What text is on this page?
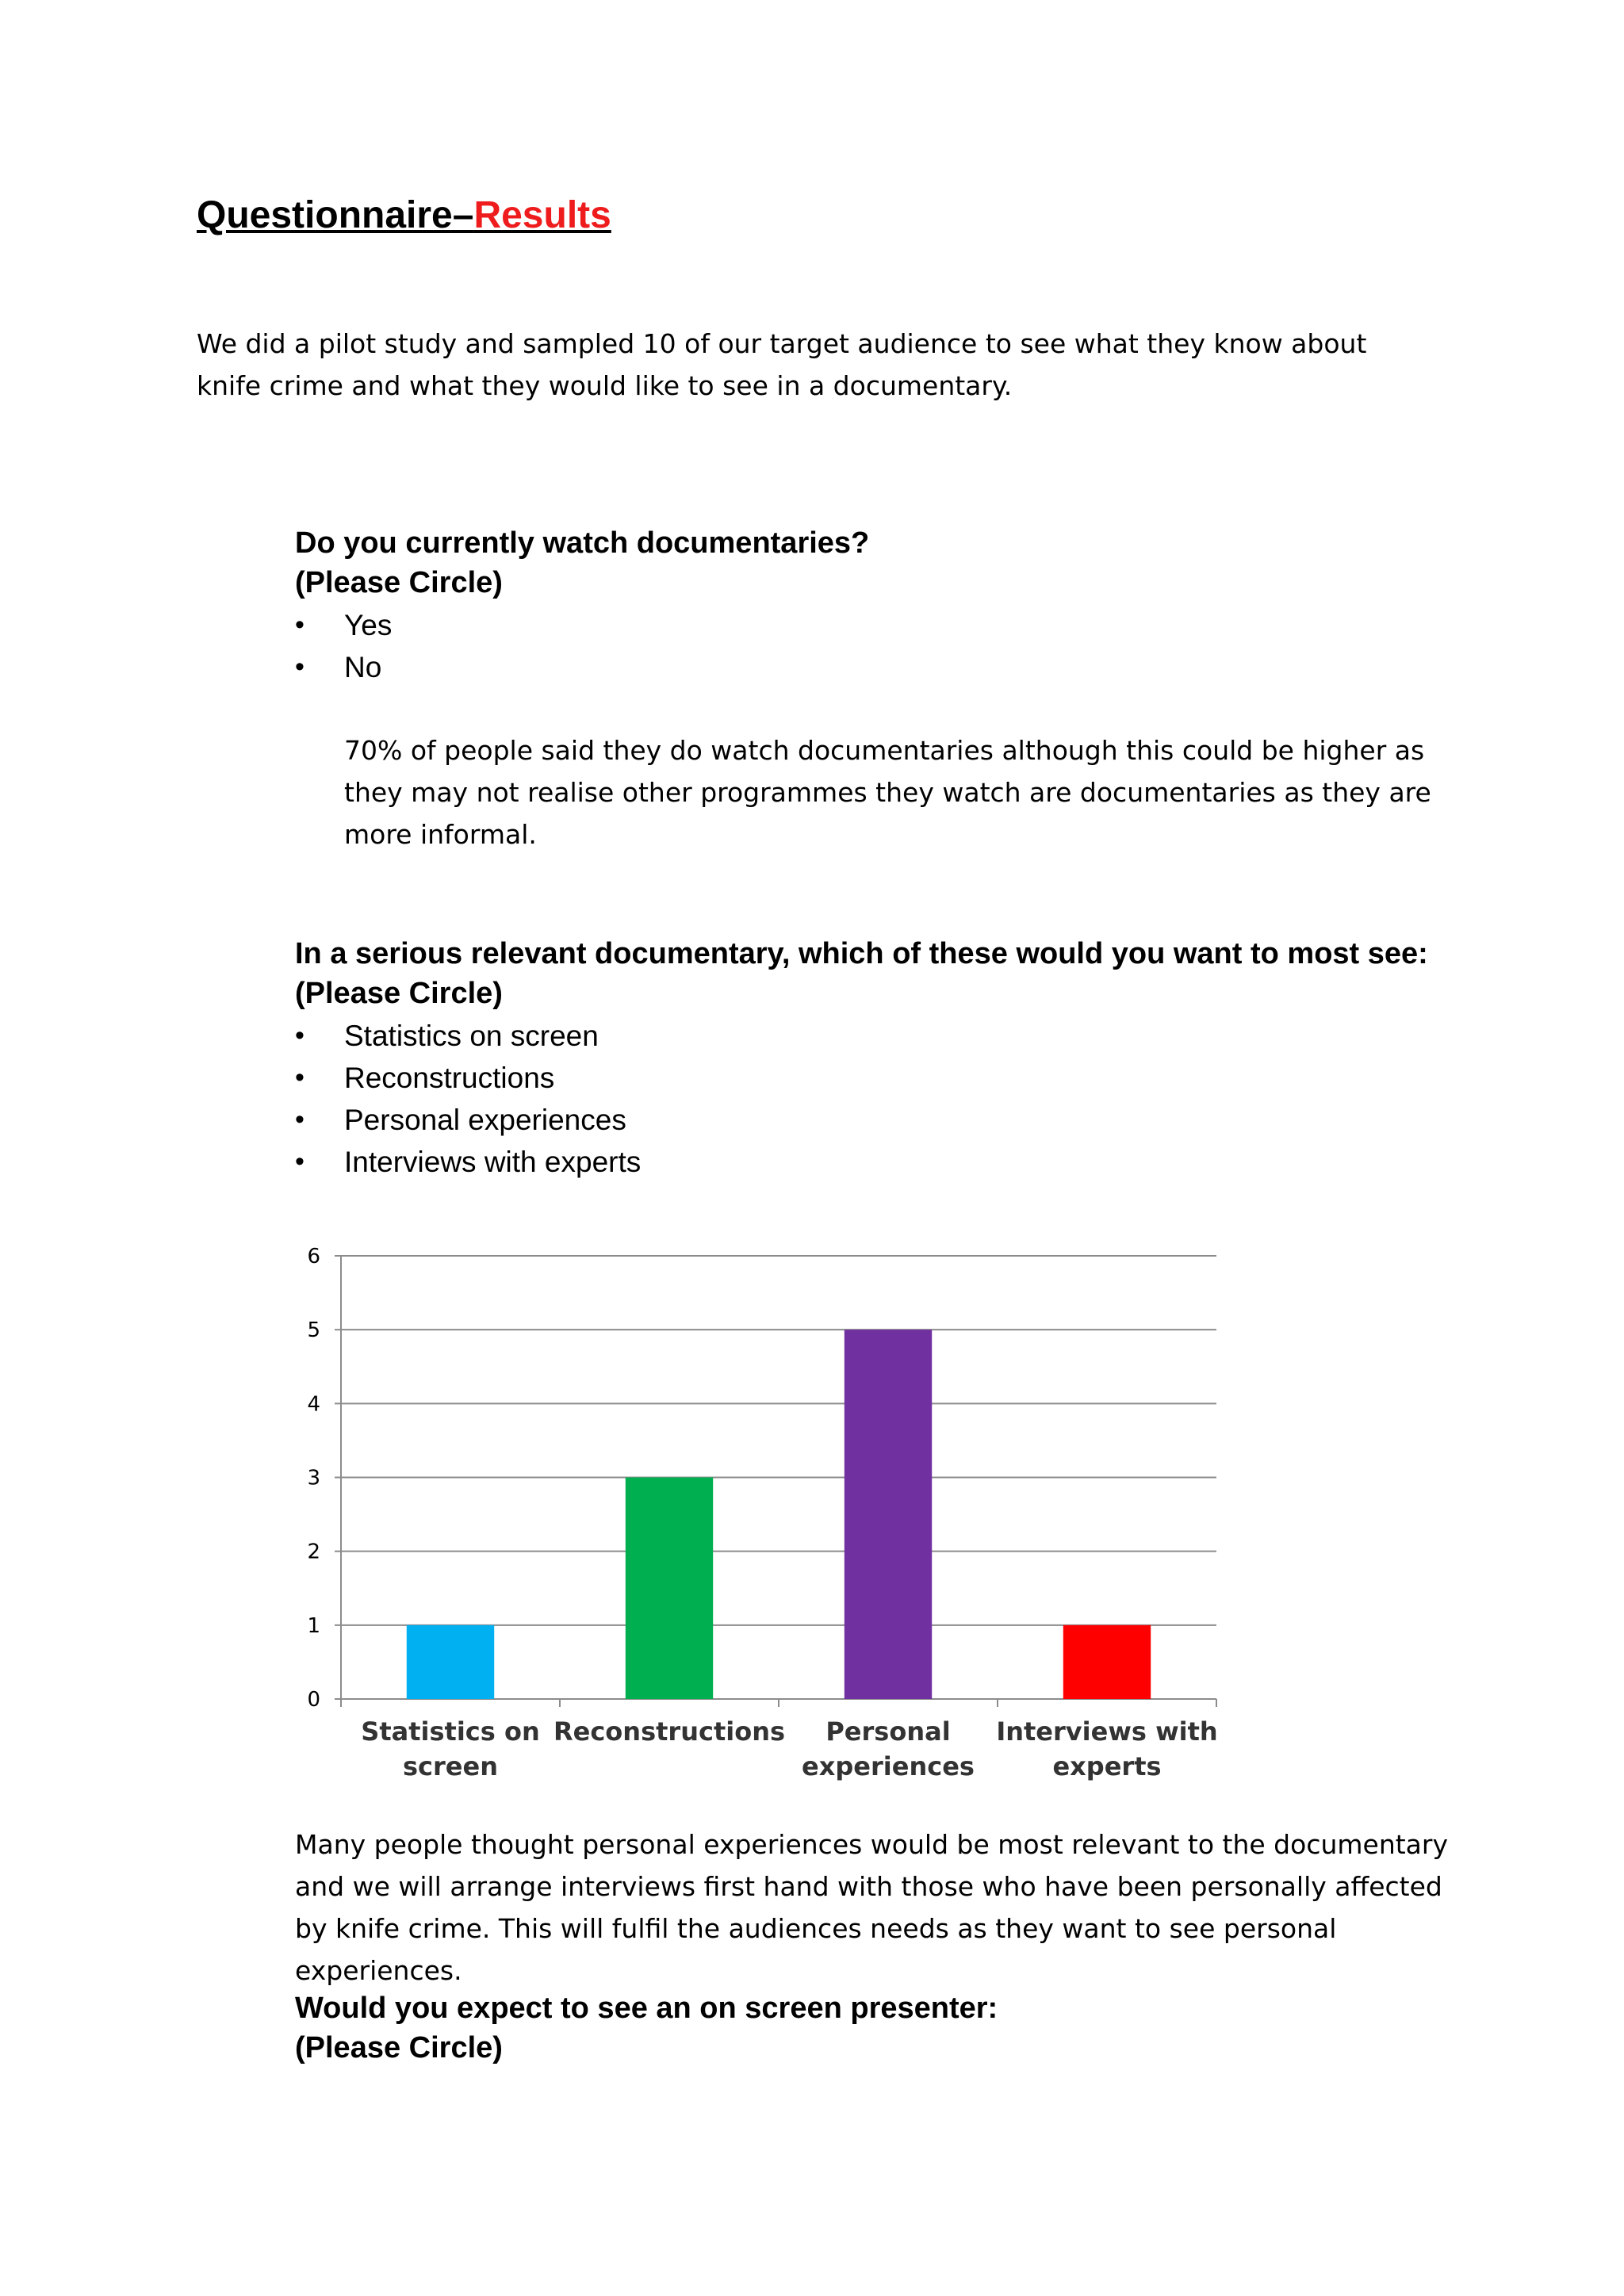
Questionnaire–Results

We did a pilot study and sampled 10 of our target audience to see what they know about knife crime and what they would like to see in a documentary.

Do you currently watch documentaries?

(Please Circle)

• Yes
• No

70% of people said they do watch documentaries although this could be higher as they may not realise other programmes they watch are documentaries as they are more informal.

In a serious relevant documentary, which of these would you want to most see:

(Please Circle)

• Statistics on screen
• Reconstructions
• Personal experiences
• Interviews with experts
0
1
2
3
4
5
6
Statistics on screen
Reconstructions	Personal experiences
Interviews with experts

Many people thought personal experiences would be most relevant to the documentary and we will arrange interviews first hand with those who have been personally affected by knife crime. This will fulfil the audiences needs as they want to see personal experiences.

Would you expect to see an on screen presenter:

(Please Circle)
